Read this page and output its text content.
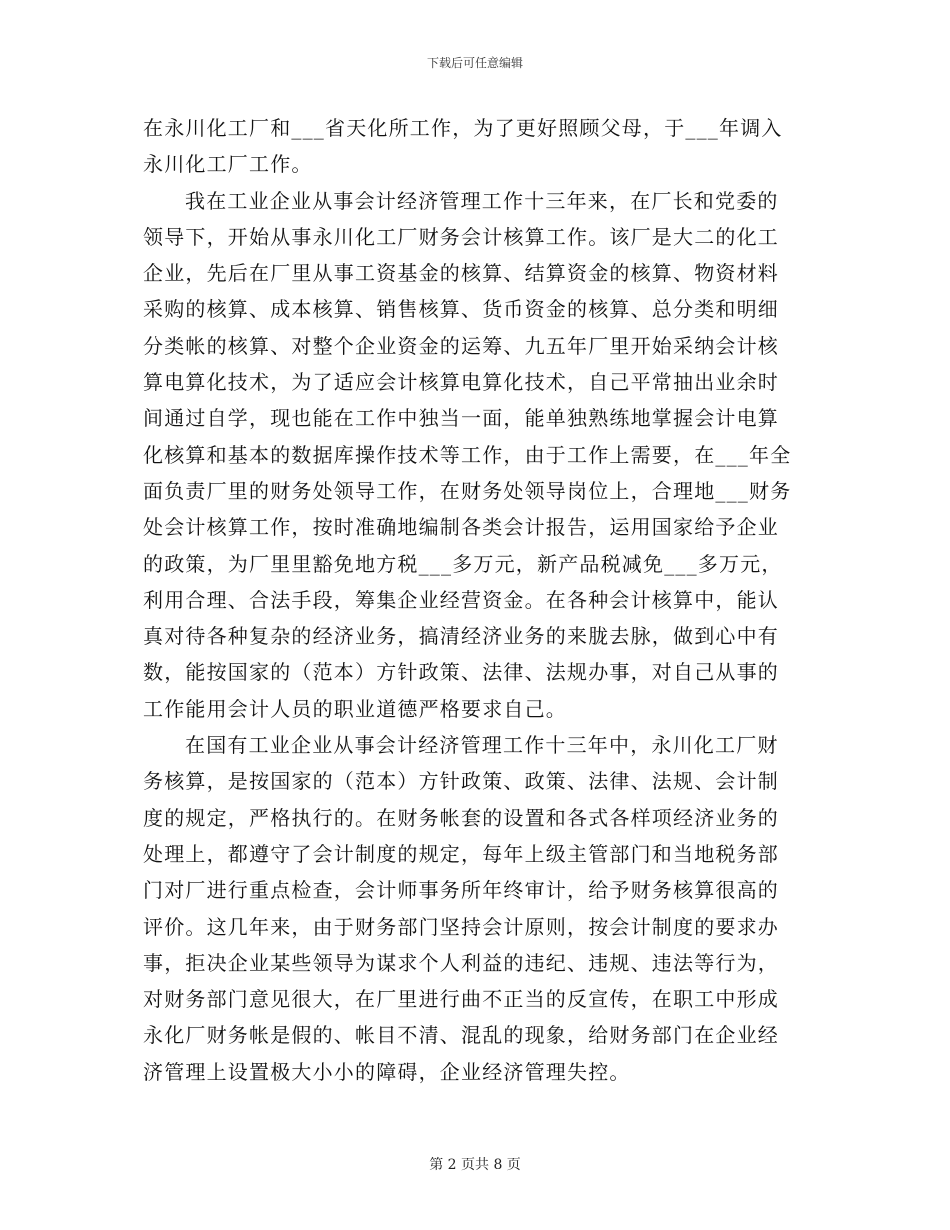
下载后可任意编辑
在永川化工厂和___省天化所工作，为了更好照顾父母，于___年调入
永川化工厂工作。
我在工业企业从事会计经济管理工作十三年来，在厂长和党委的
领导下，开始从事永川化工厂财务会计核算工作。该厂是大二的化工
企业，先后在厂里从事工资基金的核算、结算资金的核算、物资材料
采购的核算、成本核算、销售核算、货币资金的核算、总分类和明细
分类帐的核算、对整个企业资金的运筹、九五年厂里开始采纳会计核
算电算化技术，为了适应会计核算电算化技术，自己平常抽出业余时
间通过自学，现也能在工作中独当一面，能单独熟练地掌握会计电算
化核算和基本的数据库操作技术等工作，由于工作上需要，在___年全
面负责厂里的财务处领导工作，在财务处领导岗位上，合理地___财务
处会计核算工作，按时准确地编制各类会计报告，运用国家给予企业
的政策，为厂里里豁免地方税___多万元，新产品税减免___多万元，
利用合理、合法手段，筹集企业经营资金。在各种会计核算中，能认
真对待各种复杂的经济业务，搞清经济业务的来胧去脉，做到心中有
数，能按国家的（范本）方针政策、法律、法规办事，对自己从事的
工作能用会计人员的职业道德严格要求自己。
在国有工业企业从事会计经济管理工作十三年中，永川化工厂财
务核算，是按国家的（范本）方针政策、政策、法律、法规、会计制
度的规定，严格执行的。在财务帐套的设置和各式各样项经济业务的
处理上，都遵守了会计制度的规定，每年上级主管部门和当地税务部
门对厂进行重点检查，会计师事务所年终审计，给予财务核算很高的
评价。这几年来，由于财务部门坚持会计原则，按会计制度的要求办
事，拒决企业某些领导为谋求个人利益的违纪、违规、违法等行为，
对财务部门意见很大，在厂里进行曲不正当的反宣传，在职工中形成
永化厂财务帐是假的、帐目不清、混乱的现象，给财务部门在企业经
济管理上设置极大小小的障碍，企业经济管理失控。
第 2 页共 8 页
